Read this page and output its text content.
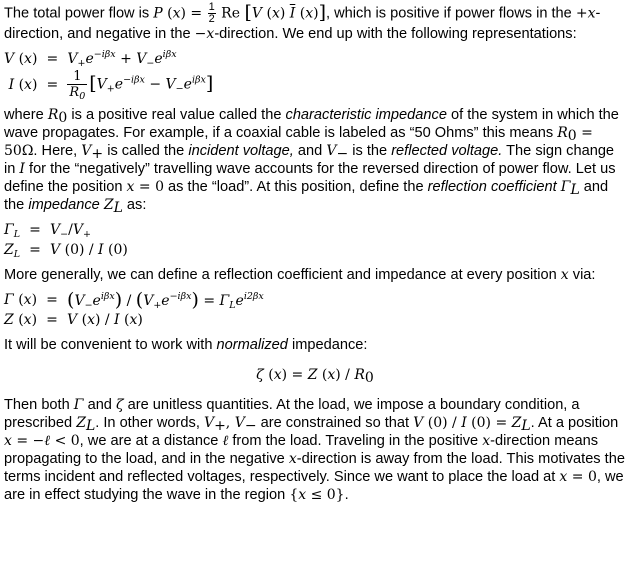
The total power flow is P $(x) = \frac{1}{2}$ Re [V (x) $\overline{I}$ (x)], which is positive if power flows in the +x-direction, and negative in the −x-direction. We end up with the following representations:

V (x)	=	$V_+e^{-i\beta x} + V_-e^{i\beta x}$
I (x)	=	$\frac{1}{R_0} [V_+e^{-i\beta x} - V_-e^{i\beta x}]$

where $R_0$ is a positive real value called the characteristic impedance of the system in which the wave propagates. For example, if a coaxial cable is labeled as “50 Ohms” this means $R_0 = 50\Omega$. Here, $V_+$ is called the incident voltage, and $V_-$ is the reflected voltage. The sign change in I for the “negatively” travelling wave accounts for the reversed direction of power flow. Let us define the position x = 0 as the “load”. At this position, define the reflection coefficient $\Gamma_L$ and the impedance $Z_L$ as:

$\Gamma_L$	=	$V_-/V_+$
$Z_L$	=	V (0) / I (0)

More generally, we can define a reflection coefficient and impedance at every position x via:

Γ (x)	=	$(V_-e^{i\beta x}) / (V_+e^{-i\beta x}) = \Gamma_Le^{i2\beta x}$
Z (x)	=	V (x) / I (x)

It will be convenient to work with normalized impedance:

ζ (x) = Z $(x) / R_0$

Then both Γ and ζ are unitless quantities. At the load, we impose a boundary condition, a prescribed $Z_L$. In other words, $V_+$, $V_-$ are constrained so that V (0) / I $(0) = Z_L$. At a position x = −ℓ < 0, we are at a distance ℓ from the load. Traveling in the positive x-direction means propagating to the load, and in the negative x-direction is away from the load. This motivates the terms incident and reflected voltages, respectively. Since we want to place the load at x = 0, we are in effect studying the wave in the region {x ≤ 0}.
